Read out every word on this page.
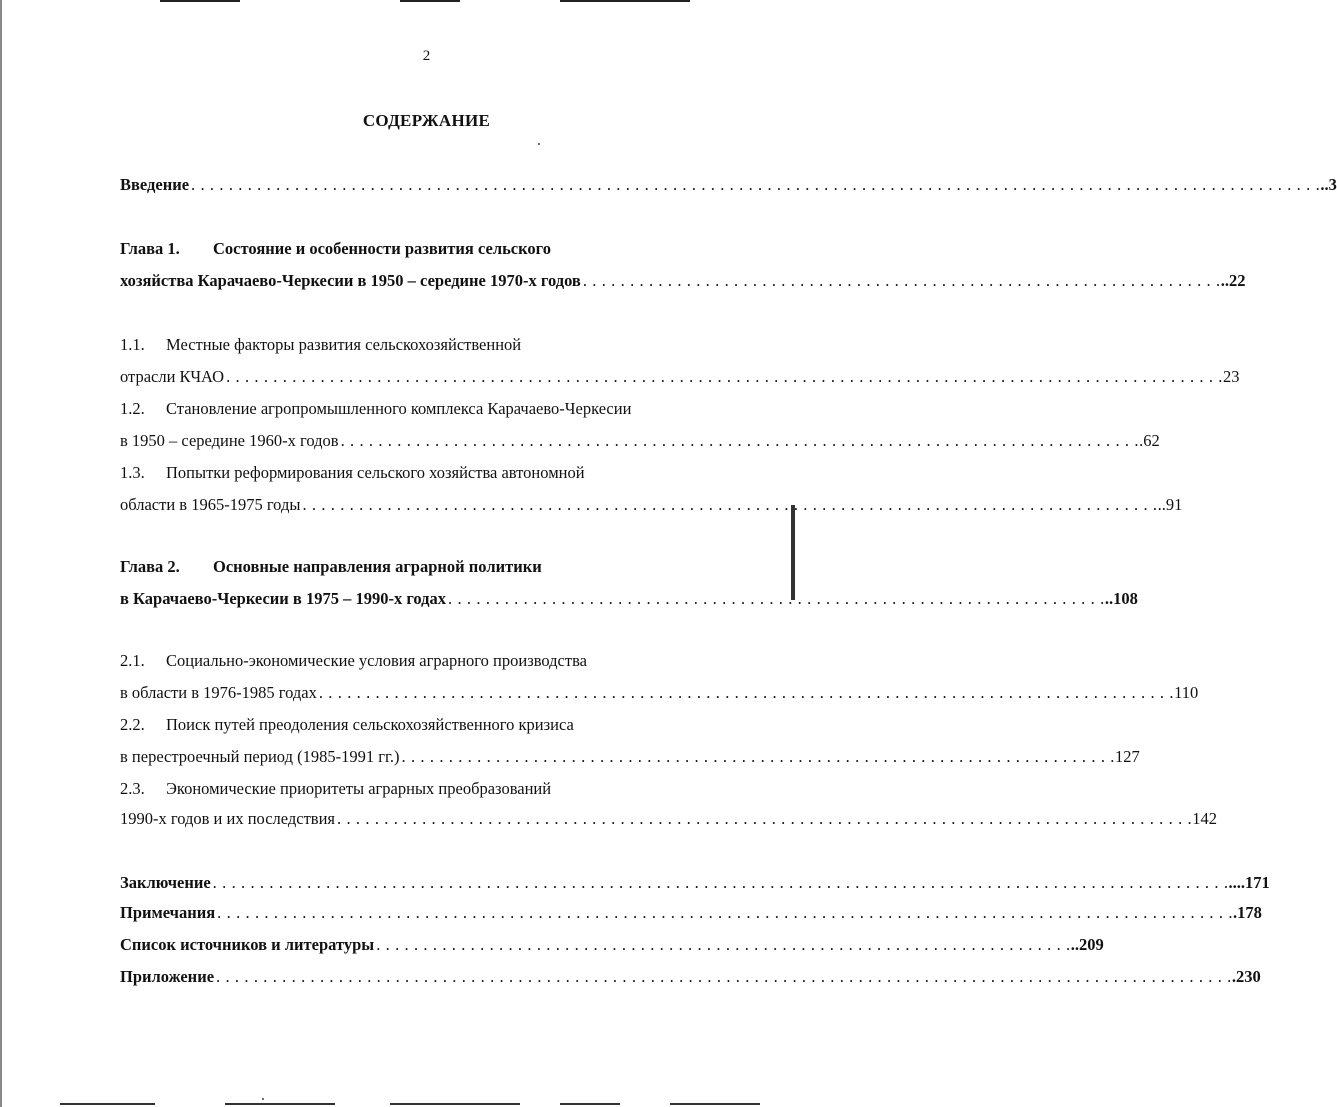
2
СОДЕРЖАНИЕ
Введение . . . . . . . . . . . . . . . . . . . . . . . . . . . . . . . . . . . . . . . . . . . . . . . . . . . . . . . . . . . . . . . . . . . . . . . . . . . . . . . . . . . . . . . . . . . . . . . . . . . . . . . . . . . . . . . . . . . . . . . . ..3
Глава 1.	Состояние и особенности развития сельского
хозяйства Карачаево-Черкесии в 1950 – середине 1970-х годов . . . . . . . . . . . . . . . . . . . . . . . . . . . . . . . . . . . . . . . . . . . . . . . . . . . . . . . . . . . . . . . . . . . . ..22
1.1.	Местные факторы развития сельскохозяйственной
отрасли КЧАО . . . . . . . . . . . . . . . . . . . . . . . . . . . . . . . . . . . . . . . . . . . . . . . . . . . . . . . . . . . . . . . . . . . . . . . . . . . . . . . . . . . . . . . . . . . . . . . . . . . . . . . . . . 23
1.2.	Становление агропромышленного комплекса Карачаево-Черкесии
в 1950 – середине 1960-х годов . . . . . . . . . . . . . . . . . . . . . . . . . . . . . . . . . . . . . . . . . . . . . . . . . . . . . . . . . . . . . . . . . . . . . . . . . . . . . . . . . . . . . .62
1.3.	Попытки реформирования сельского хозяйства автономной
области в 1965-1975 годы . . . . . . . . . . . . . . . . . . . . . . . . . . . . . . . . . . . . . . . . . . . . . . . . . . . . . . . . . . . . . . . . . . . . . . . . . . . . . . . . . . . . . . . . . . . ..91
Глава 2.	Основные направления аграрной политики
в Карачаево-Черкесии в 1975 – 1990-х годах . . . . . . . . . . . . . . . . . . . . . . . . . . . . . . . . . . . . . . . . . . . . . . . . . . . . . . . . . . . . . . . . . . . . . . ..108
2.1.	Социально-экономические условия аграрного производства
в области в 1976-1985 годах . . . . . . . . . . . . . . . . . . . . . . . . . . . . . . . . . . . . . . . . . . . . . . . . . . . . . . . . . . . . . . . . . . . . . . . . . . . . . . . . . . . . . . . . . . . 110
2.2.	Поиск путей преодоления сельскохозяйственного кризиса
в перестроечный период (1985-1991 гг.) . . . . . . . . . . . . . . . . . . . . . . . . . . . . . . . . . . . . . . . . . . . . . . . . . . . . . . . . . . . . . . . . . . . . . . . . . . . . 127
2.3.	Экономические приоритеты аграрных преобразований
1990-х годов и их последствия . . . . . . . . . . . . . . . . . . . . . . . . . . . . . . . . . . . . . . . . . . . . . . . . . . . . . . . . . . . . . . . . . . . . . . . . . . . . . . . . . . . . . . . . . . . 142
Заключение . . . . . . . . . . . . . . . . . . . . . . . . . . . . . . . . . . . . . . . . . . . . . . . . . . . . . . . . . . . . . . . . . . . . . . . . . . . . . . . . . . . . . . . . . . . . . . . . . . . . . . . . . . . . ....171
Примечания . . . . . . . . . . . . . . . . . . . . . . . . . . . . . . . . . . . . . . . . . . . . . . . . . . . . . . . . . . . . . . . . . . . . . . . . . . . . . . . . . . . . . . . . . . . . . . . . . . . . . . . . . . . . .178
Список источников и литературы . . . . . . . . . . . . . . . . . . . . . . . . . . . . . . . . . . . . . . . . . . . . . . . . . . . . . . . . . . . . . . . . . . . . . . . . . . ..209
Приложение . . . . . . . . . . . . . . . . . . . . . . . . . . . . . . . . . . . . . . . . . . . . . . . . . . . . . . . . . . . . . . . . . . . . . . . . . . . . . . . . . . . . . . . . . . . . . . . . . . . . . . . . . . . . .230
